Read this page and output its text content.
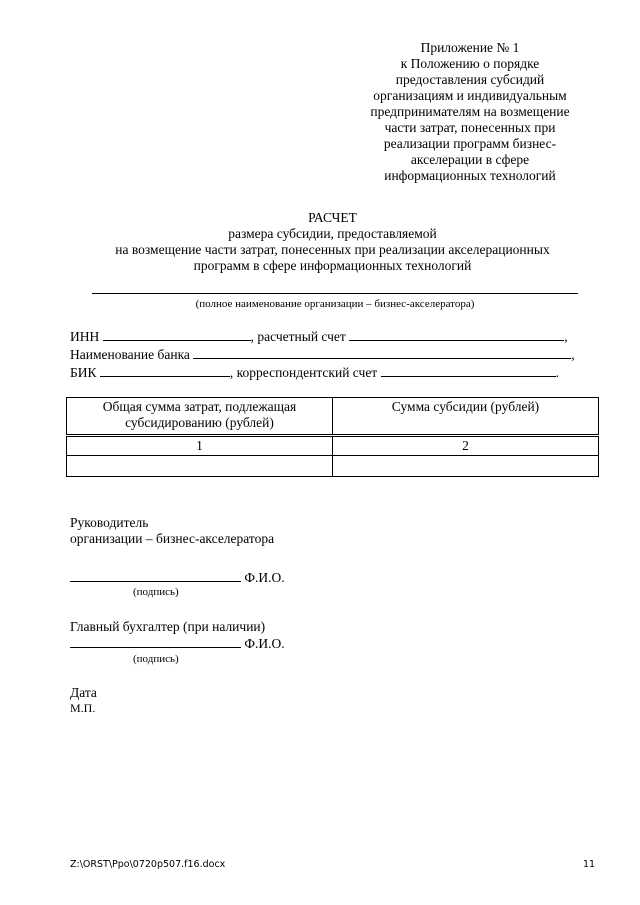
Приложение № 1
к Положению о порядке
предоставления субсидий
организациям и индивидуальным
предпринимателям на возмещение
части затрат, понесенных при
реализации программ бизнес-
акселерации в сфере
информационных технологий
РАСЧЕТ
размера субсидии, предоставляемой
на возмещение части затрат, понесенных при реализации акселерационных
программ в сфере информационных технологий
(полное наименование организации – бизнес-акселератора)
ИНН	, расчетный счет	,
Наименование банка	,
БИК	, корреспондентский счет	.
Общая сумма затрат, подлежащая субсидированию (рублей)	Сумма субсидии (рублей)
1	2

Руководитель
организации – бизнес-акселератора
Ф.И.О.
(подпись)
Главный бухгалтер (при наличии)
Ф.И.О.
(подпись)
Дата
М.П.
Z:\ORST\Ppo\0720p507.f16.docx	11
